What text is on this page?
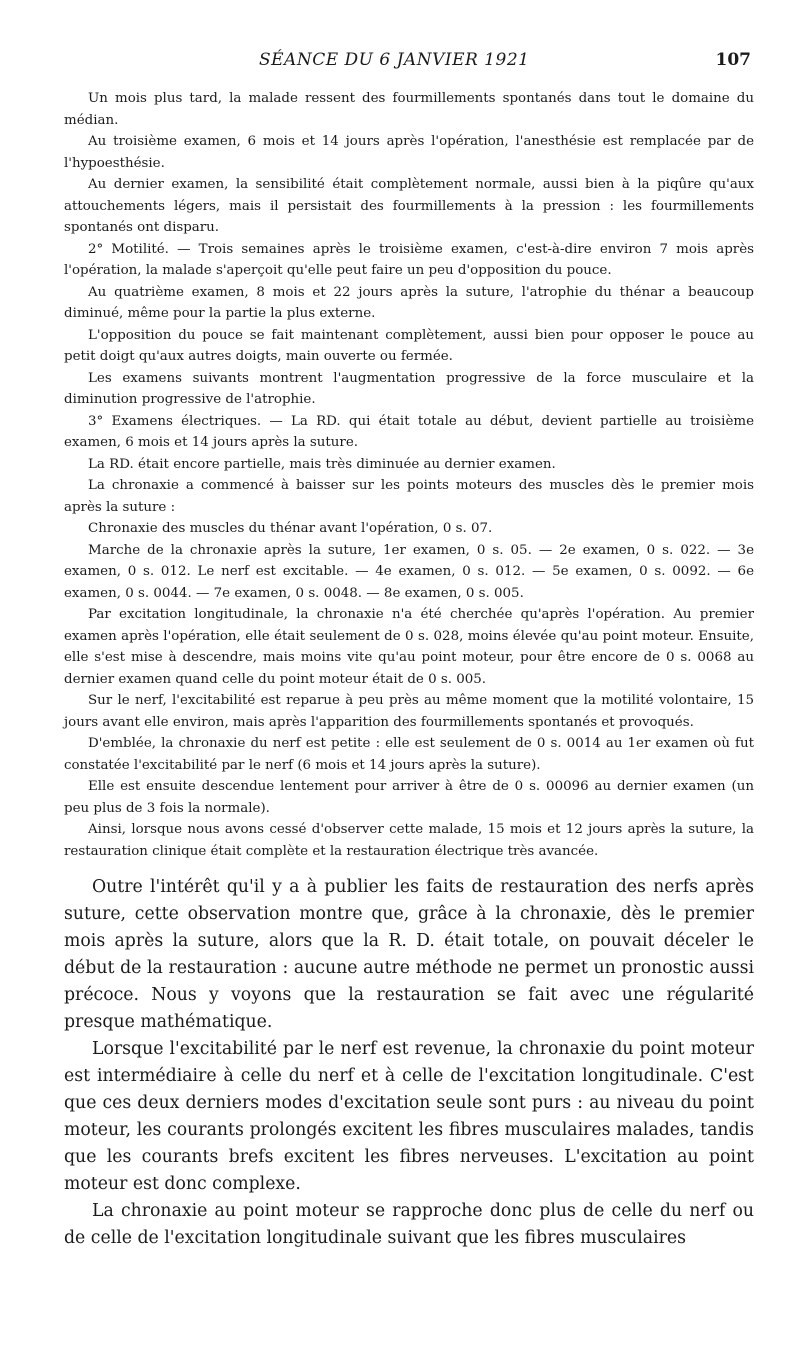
SÉANCE DU 6 JANVIER 1921	107

Un mois plus tard, la malade ressent des fourmillements spontanés dans tout le domaine du médian.

Au troisième examen, 6 mois et 14 jours après l'opération, l'anesthésie est remplacée par de l'hypoesthésie.

Au dernier examen, la sensibilité était complètement normale, aussi bien à la piqûre qu'aux attouchements légers, mais il persistait des fourmillements à la pression : les fourmillements spontanés ont disparu.

2° Motilité. — Trois semaines après le troisième examen, c'est-à-dire environ 7 mois après l'opération, la malade s'aperçoit qu'elle peut faire un peu d'opposition du pouce.

Au quatrième examen, 8 mois et 22 jours après la suture, l'atrophie du thénar a beaucoup diminué, même pour la partie la plus externe.

L'opposition du pouce se fait maintenant complètement, aussi bien pour opposer le pouce au petit doigt qu'aux autres doigts, main ouverte ou fermée.

Les examens suivants montrent l'augmentation progressive de la force musculaire et la diminution progressive de l'atrophie.

3° Examens électriques. — La RD. qui était totale au début, devient partielle au troisième examen, 6 mois et 14 jours après la suture.

La RD. était encore partielle, mais très diminuée au dernier examen.

La chronaxie a commencé à baisser sur les points moteurs des muscles dès le premier mois après la suture :

Chronaxie des muscles du thénar avant l'opération, 0 s. 07.

Marche de la chronaxie après la suture, 1er examen, 0 s. 05. — 2e examen, 0 s. 022. — 3e examen, 0 s. 012. Le nerf est excitable. — 4e examen, 0 s. 012. — 5e examen, 0 s. 0092. — 6e examen, 0 s. 0044. — 7e examen, 0 s. 0048. — 8e examen, 0 s. 005.

Par excitation longitudinale, la chronaxie n'a été cherchée qu'après l'opération. Au premier examen après l'opération, elle était seulement de 0 s. 028, moins élevée qu'au point moteur. Ensuite, elle s'est mise à descendre, mais moins vite qu'au point moteur, pour être encore de 0 s. 0068 au dernier examen quand celle du point moteur était de 0 s. 005.

Sur le nerf, l'excitabilité est reparue à peu près au même moment que la motilité volontaire, 15 jours avant elle environ, mais après l'apparition des fourmillements spontanés et provoqués.

D'emblée, la chronaxie du nerf est petite : elle est seulement de 0 s. 0014 au 1er examen où fut constatée l'excitabilité par le nerf (6 mois et 14 jours après la suture).

Elle est ensuite descendue lentement pour arriver à être de 0 s. 00096 au dernier examen (un peu plus de 3 fois la normale).

Ainsi, lorsque nous avons cessé d'observer cette malade, 15 mois et 12 jours après la suture, la restauration clinique était complète et la restauration électrique très avancée.

Outre l'intérêt qu'il y a à publier les faits de restauration des nerfs après suture, cette observation montre que, grâce à la chronaxie, dès le premier mois après la suture, alors que la R. D. était totale, on pouvait déceler le début de la restauration : aucune autre méthode ne permet un pronostic aussi précoce. Nous y voyons que la restauration se fait avec une régularité presque mathématique.

Lorsque l'excitabilité par le nerf est revenue, la chronaxie du point moteur est intermédiaire à celle du nerf et à celle de l'excitation longitudinale. C'est que ces deux derniers modes d'excitation seule sont purs : au niveau du point moteur, les courants prolongés excitent les fibres musculaires malades, tandis que les courants brefs excitent les fibres nerveuses. L'excitation au point moteur est donc complexe.

La chronaxie au point moteur se rapproche donc plus de celle du nerf ou de celle de l'excitation longitudinale suivant que les fibres musculaires
